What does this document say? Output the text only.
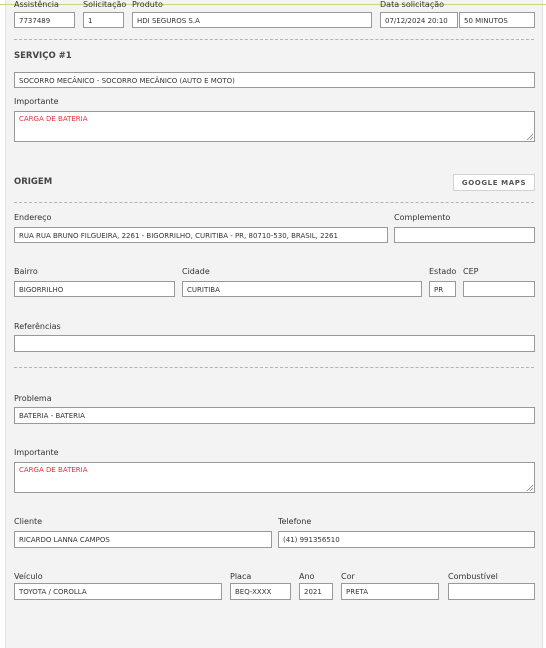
Assistência
7737489
Solicitação
1
Produto
HDI SEGUROS S.A
Data solicitação
07/12/2024 20:10	50 MINUTOS
SERVIÇO #1
SOCORRO MECÂNICO - SOCORRO MECÂNICO (AUTO E MOTO)
Importante
CARGA DE BATERIA
ORIGEM	GOOGLE MAPS
Endereço
RUA RUA BRUNO FILGUEIRA, 2261 - BIGORRILHO, CURITIBA - PR, 80710-530, BRASIL, 2261
Complemento
Bairro
BIGORRILHO
Cidade
CURITIBA
Estado
PR
CEP
Referências
Problema
BATERIA - BATERIA
Importante
CARGA DE BATERIA
Cliente
RICARDO LANNA CAMPOS
Telefone
(41) 991356510
Veículo
TOYOTA / COROLLA
Placa
BEQ-XXXX
Ano
2021
Cor
PRETA
Combustível
